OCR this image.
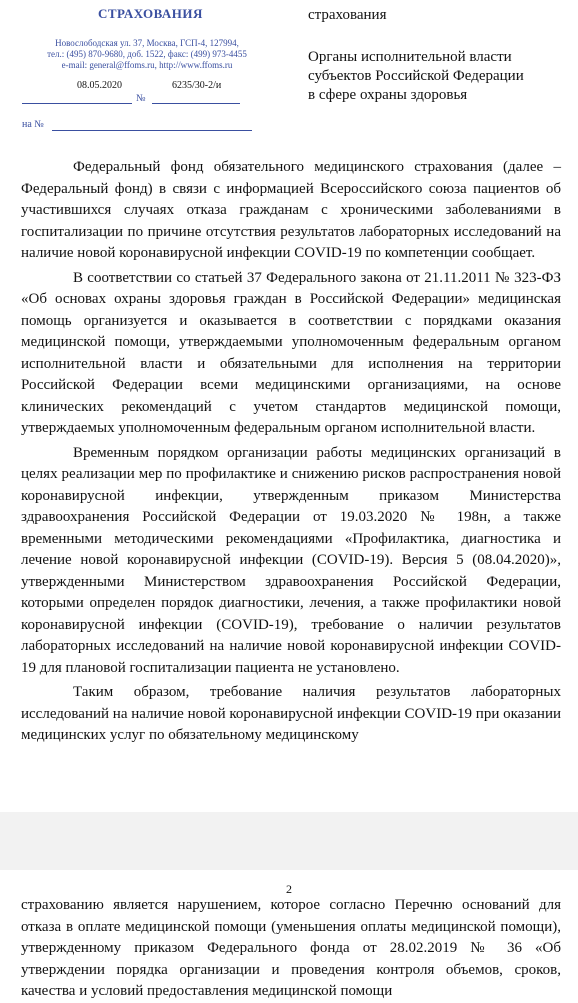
СТРАХОВАНИЯ
Новослободская ул. 37, Москва, ГСП-4, 127994,
тел.: (495) 870-9680, доб. 1522, факс: (499) 973-4455
e-mail: general@ffoms.ru, http://www.ffoms.ru
08.05.2020	6235/30-2/и
№
на №
страхования
Органы исполнительной власти
субъектов Российской Федерации
в сфере охраны здоровья

Федеральный фонд обязательного медицинского страхования (далее – Федеральный фонд) в связи с информацией Всероссийского союза пациентов об участившихся случаях отказа гражданам с хроническими заболеваниями в госпитализации по причине отсутствия результатов лабораторных исследований на наличие новой коронавирусной инфекции COVID-19 по компетенции сообщает.

В соответствии со статьей 37 Федерального закона от 21.11.2011 № 323-ФЗ «Об основах охраны здоровья граждан в Российской Федерации» медицинская помощь организуется и оказывается в соответствии с порядками оказания медицинской помощи, утверждаемыми уполномоченным федеральным органом исполнительной власти и обязательными для исполнения на территории Российской Федерации всеми медицинскими организациями, на основе клинических рекомендаций с учетом стандартов медицинской помощи, утверждаемых уполномоченным федеральным органом исполнительной власти.

Временным порядком организации работы медицинских организаций в целях реализации мер по профилактике и снижению рисков распространения новой коронавирусной инфекции, утвержденным приказом Министерства здравоохранения Российской Федерации от 19.03.2020 № 198н, а также временными методическими рекомендациями «Профилактика, диагностика и лечение новой коронавирусной инфекции (COVID-19). Версия 5 (08.04.2020)», утвержденными Министерством здравоохранения Российской Федерации, которыми определен порядок диагностики, лечения, а также профилактики новой коронавирусной инфекции (COVID-19), требование о наличии результатов лабораторных исследований на наличие новой коронавирусной инфекции COVID-19 для плановой госпитализации пациента не установлено.

Таким образом, требование наличия результатов лабораторных исследований на наличие новой коронавирусной инфекции COVID-19 при оказании медицинских услуг по обязательному медицинскому

2

страхованию является нарушением, которое согласно Перечню оснований для отказа в оплате медицинской помощи (уменьшения оплаты медицинской помощи), утвержденному приказом Федерального фонда от 28.02.2019 № 36 «Об утверждении порядка организации и проведения контроля объемов, сроков, качества и условий предоставления медицинской помощи
